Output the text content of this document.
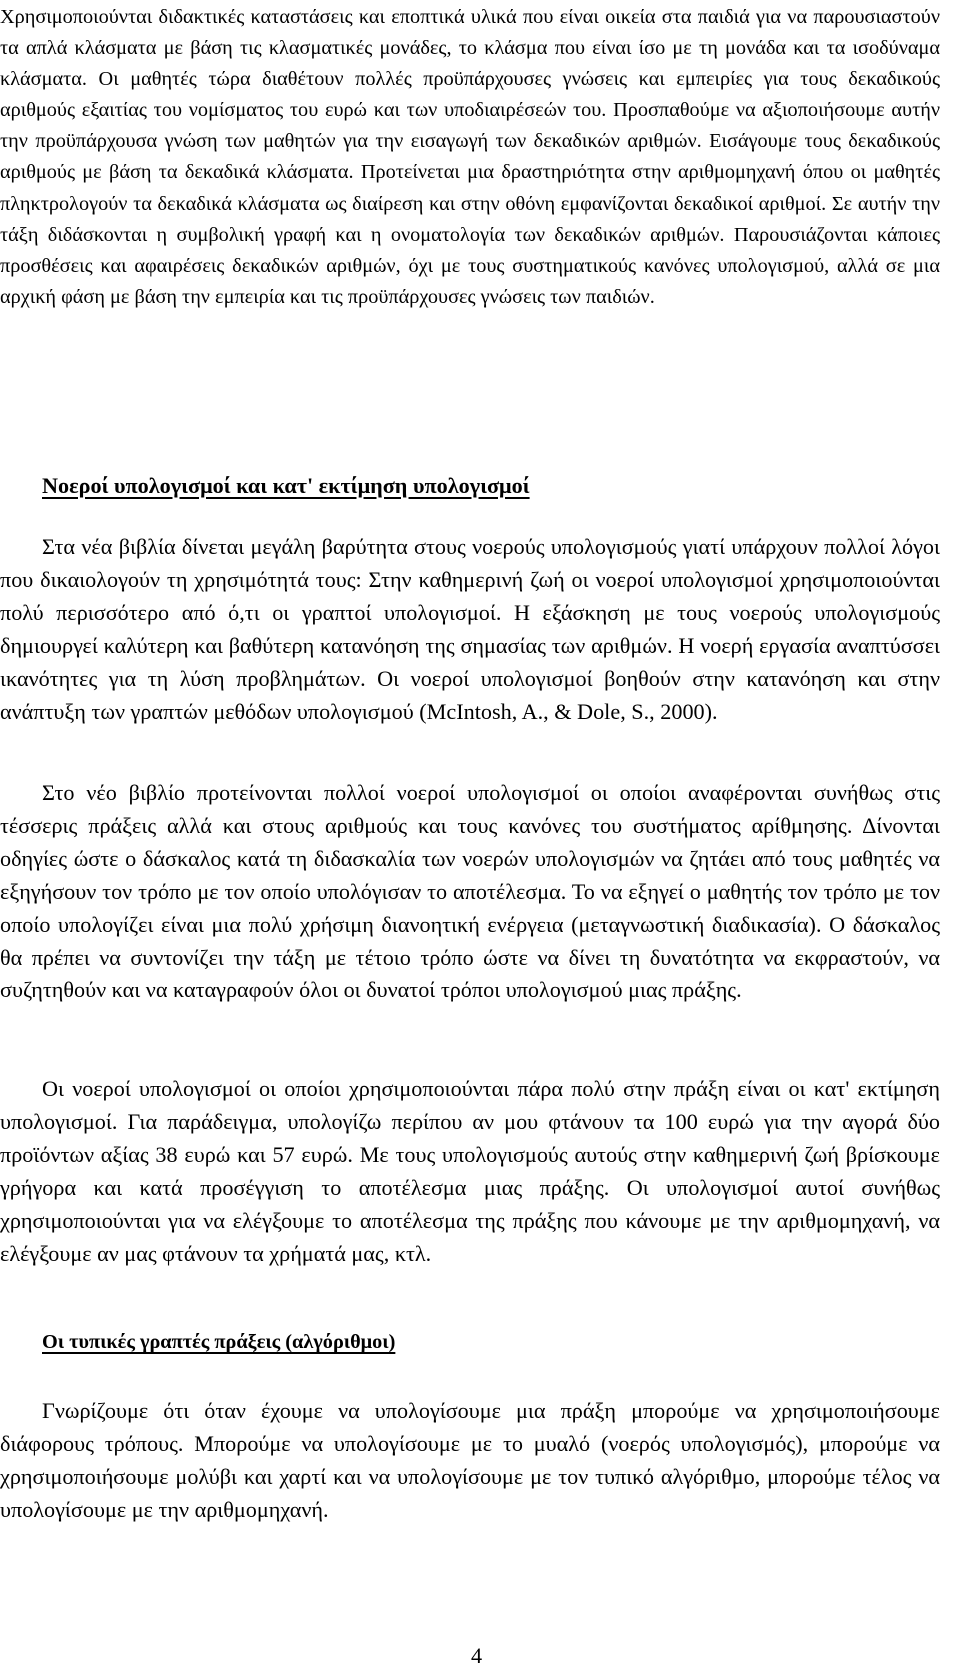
Χρησιμοποιούνται διδακτικές καταστάσεις και εποπτικά υλικά που είναι οικεία στα παιδιά για να παρουσιαστούν τα απλά κλάσματα με βάση τις κλασματικές μονάδες, το κλάσμα που είναι ίσο με τη μονάδα και τα ισοδύναμα κλάσματα. Οι μαθητές τώρα διαθέτουν πολλές προϋπάρχουσες γνώσεις και εμπειρίες για τους δεκαδικούς αριθμούς εξαιτίας του νομίσματος του ευρώ και των υποδιαιρέσεών του. Προσπαθούμε να αξιοποιήσουμε αυτήν την προϋπάρχουσα γνώση των μαθητών για την εισαγωγή των δεκαδικών αριθμών. Εισάγουμε τους δεκαδικούς αριθμούς με βάση τα δεκαδικά κλάσματα. Προτείνεται μια δραστηριότητα στην αριθμομηχανή όπου οι μαθητές πληκτρολογούν τα δεκαδικά κλάσματα ως διαίρεση και στην οθόνη εμφανίζονται δεκαδικοί αριθμοί. Σε αυτήν την τάξη διδάσκονται η συμβολική γραφή και η ονοματολογία των δεκαδικών αριθμών. Παρουσιάζονται κάποιες προσθέσεις και αφαιρέσεις δεκαδικών αριθμών, όχι με τους συστηματικούς κανόνες υπολογισμού, αλλά σε μια αρχική φάση με βάση την εμπειρία και τις προϋπάρχουσες γνώσεις των παιδιών.

Νοεροί υπολογισμοί και κατ' εκτίμηση υπολογισμοί

Στα νέα βιβλία δίνεται μεγάλη βαρύτητα στους νοερούς υπολογισμούς γιατί υπάρχουν πολλοί λόγοι που δικαιολογούν τη χρησιμότητά τους: Στην καθημερινή ζωή οι νοεροί υπολογισμοί χρησιμοποιούνται πολύ περισσότερο από ό,τι οι γραπτοί υπολογισμοί. Η εξάσκηση με τους νοερούς υπολογισμούς δημιουργεί καλύτερη και βαθύτερη κατανόηση της σημασίας των αριθμών. Η νοερή εργασία αναπτύσσει ικανότητες για τη λύση προβλημάτων. Οι νοεροί υπολογισμοί βοηθούν στην κατανόηση και στην ανάπτυξη των γραπτών μεθόδων υπολογισμού (McIntosh, A., & Dole, S., 2000).

Στο νέο βιβλίο προτείνονται πολλοί νοεροί υπολογισμοί οι οποίοι αναφέρονται συνήθως στις τέσσερις πράξεις αλλά και στους αριθμούς και τους κανόνες του συστήματος αρίθμησης. Δίνονται οδηγίες ώστε ο δάσκαλος κατά τη διδασκαλία των νοερών υπολογισμών να ζητάει από τους μαθητές να εξηγήσουν τον τρόπο με τον οποίο υπολόγισαν το αποτέλεσμα. Το να εξηγεί ο μαθητής τον τρόπο με τον οποίο υπολογίζει είναι μια πολύ χρήσιμη διανοητική ενέργεια (μεταγνωστική διαδικασία). Ο δάσκαλος θα πρέπει να συντονίζει την τάξη με τέτοιο τρόπο ώστε να δίνει τη δυνατότητα να εκφραστούν, να συζητηθούν και να καταγραφούν όλοι οι δυνατοί τρόποι υπολογισμού μιας πράξης.

Οι νοεροί υπολογισμοί οι οποίοι χρησιμοποιούνται πάρα πολύ στην πράξη είναι οι κατ' εκτίμηση υπολογισμοί. Για παράδειγμα, υπολογίζω περίπου αν μου φτάνουν τα 100 ευρώ για την αγορά δύο προϊόντων αξίας 38 ευρώ και 57 ευρώ. Με τους υπολογισμούς αυτούς στην καθημερινή ζωή βρίσκουμε γρήγορα και κατά προσέγγιση το αποτέλεσμα μιας πράξης. Οι υπολογισμοί αυτοί συνήθως χρησιμοποιούνται για να ελέγξουμε το αποτέλεσμα της πράξης που κάνουμε με την αριθμομηχανή, να ελέγξουμε αν μας φτάνουν τα χρήματά μας, κτλ.

Οι τυπικές γραπτές πράξεις (αλγόριθμοι)

Γνωρίζουμε ότι όταν έχουμε να υπολογίσουμε μια πράξη μπορούμε να χρησιμοποιήσουμε διάφορους τρόπους. Μπορούμε να υπολογίσουμε με το μυαλό (νοερός υπολογισμός), μπορούμε να χρησιμοποιήσουμε μολύβι και χαρτί και να υπολογίσουμε με τον τυπικό αλγόριθμο, μπορούμε τέλος να υπολογίσουμε με την αριθμομηχανή.

4
